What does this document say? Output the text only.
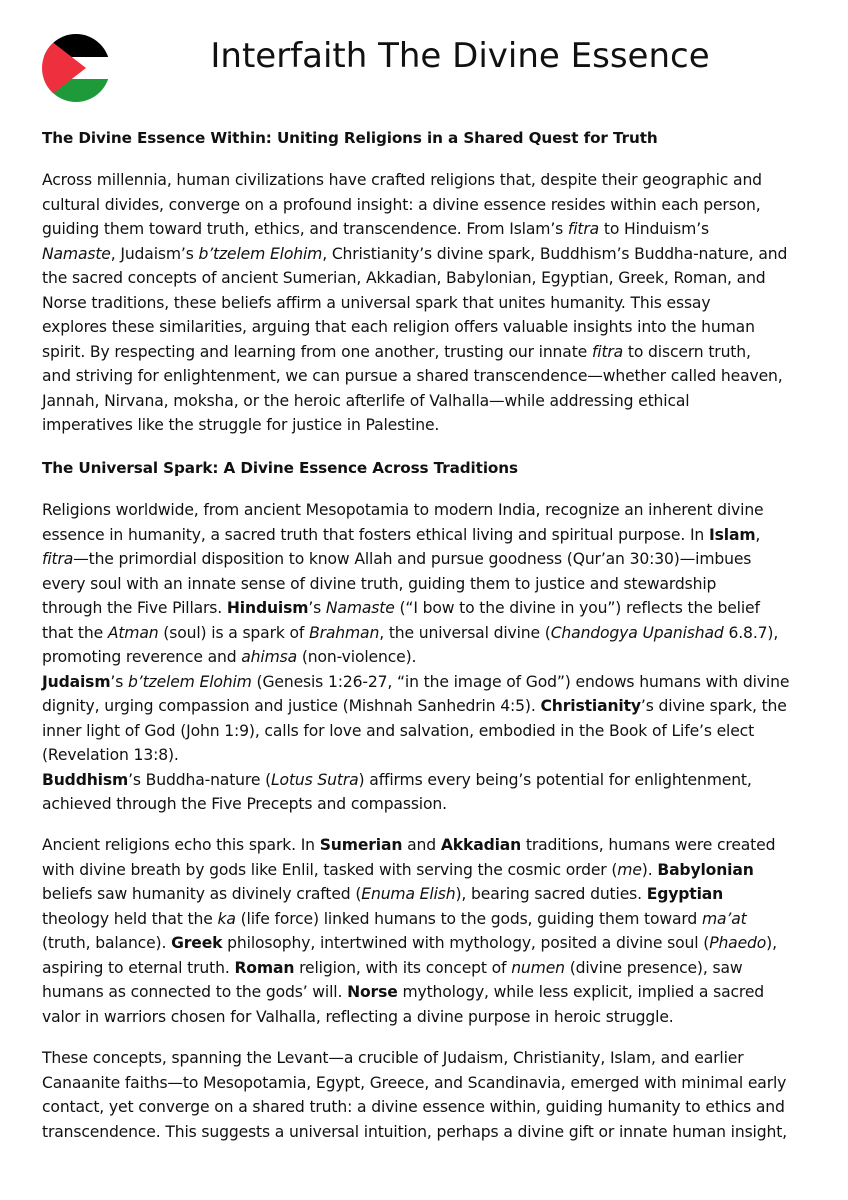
Interfaith The Divine Essence
The Divine Essence Within: Uniting Religions in a Shared Quest for Truth
Across millennia, human civilizations have crafted religions that, despite their geographic and
cultural divides, converge on a profound insight: a divine essence resides within each person,
guiding them toward truth, ethics, and transcendence. From Islam’s fitra to Hinduism’s
Namaste, Judaism’s b’tzelem Elohim, Christianity’s divine spark, Buddhism’s Buddha-nature, and
the sacred concepts of ancient Sumerian, Akkadian, Babylonian, Egyptian, Greek, Roman, and
Norse traditions, these beliefs affirm a universal spark that unites humanity. This essay
explores these similarities, arguing that each religion offers valuable insights into the human
spirit. By respecting and learning from one another, trusting our innate fitra to discern truth,
and striving for enlightenment, we can pursue a shared transcendence—whether called heaven,
Jannah, Nirvana, moksha, or the heroic afterlife of Valhalla—while addressing ethical
imperatives like the struggle for justice in Palestine.
The Universal Spark: A Divine Essence Across Traditions
Religions worldwide, from ancient Mesopotamia to modern India, recognize an inherent divine
essence in humanity, a sacred truth that fosters ethical living and spiritual purpose. In Islam,
fitra—the primordial disposition to know Allah and pursue goodness (Qur’an 30:30)—imbues
every soul with an innate sense of divine truth, guiding them to justice and stewardship
through the Five Pillars. Hinduism’s Namaste (“I bow to the divine in you”) reflects the belief
that the Atman (soul) is a spark of Brahman, the universal divine (Chandogya Upanishad 6.8.7),
promoting reverence and ahimsa (non-violence).
Judaism’s b’tzelem Elohim (Genesis 1:26-27, “in the image of God”) endows humans with divine
dignity, urging compassion and justice (Mishnah Sanhedrin 4:5). Christianity’s divine spark, the
inner light of God (John 1:9), calls for love and salvation, embodied in the Book of Life’s elect
(Revelation 13:8).
Buddhism’s Buddha-nature (Lotus Sutra) affirms every being’s potential for enlightenment,
achieved through the Five Precepts and compassion.
Ancient religions echo this spark. In Sumerian and Akkadian traditions, humans were created
with divine breath by gods like Enlil, tasked with serving the cosmic order (me). Babylonian
beliefs saw humanity as divinely crafted (Enuma Elish), bearing sacred duties. Egyptian
theology held that the ka (life force) linked humans to the gods, guiding them toward ma’at
(truth, balance). Greek philosophy, intertwined with mythology, posited a divine soul (Phaedo),
aspiring to eternal truth. Roman religion, with its concept of numen (divine presence), saw
humans as connected to the gods’ will. Norse mythology, while less explicit, implied a sacred
valor in warriors chosen for Valhalla, reflecting a divine purpose in heroic struggle.
These concepts, spanning the Levant—a crucible of Judaism, Christianity, Islam, and earlier
Canaanite faiths—to Mesopotamia, Egypt, Greece, and Scandinavia, emerged with minimal early
contact, yet converge on a shared truth: a divine essence within, guiding humanity to ethics and
transcendence. This suggests a universal intuition, perhaps a divine gift or innate human insight,
